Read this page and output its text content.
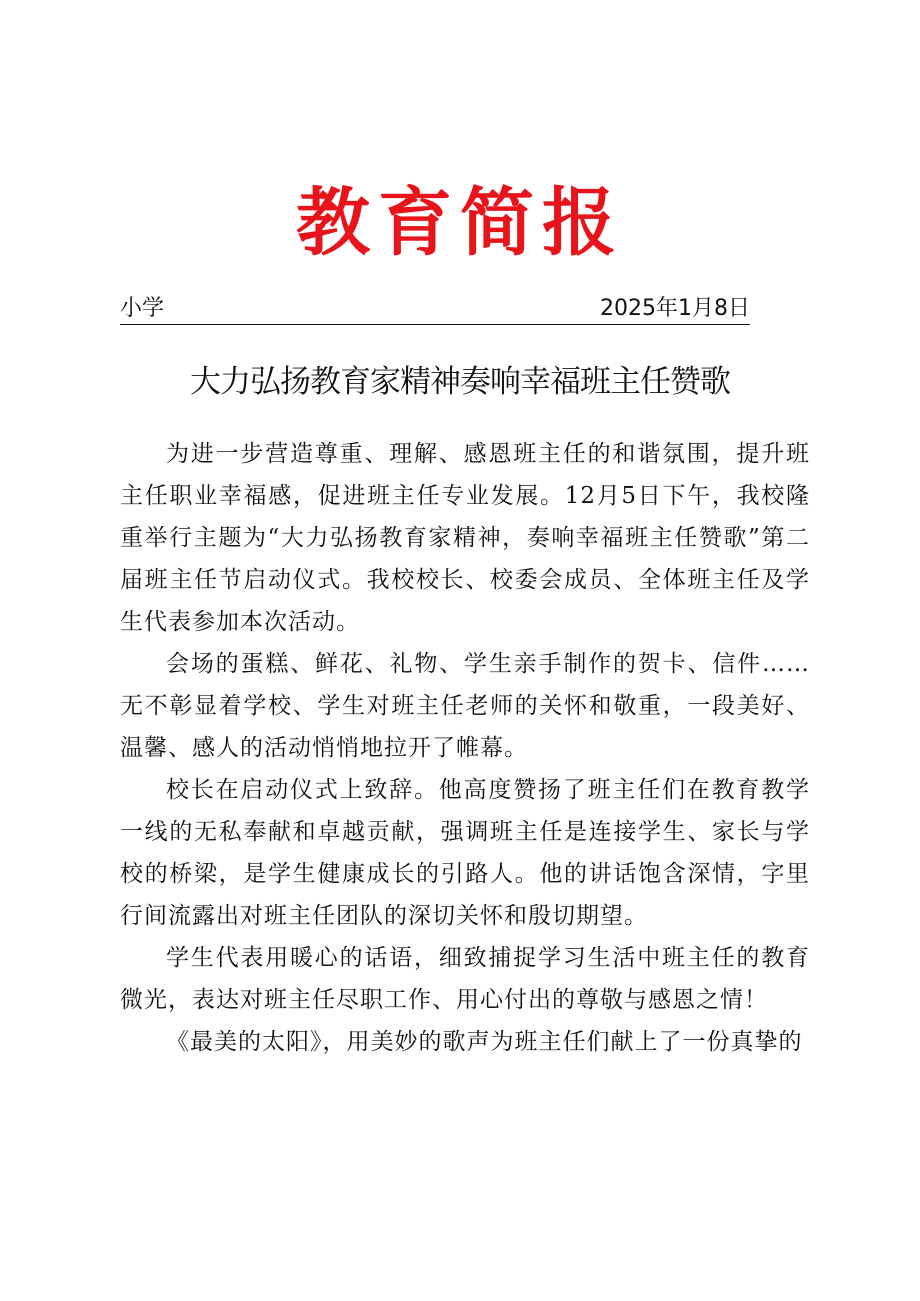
教育简报
小学	2025年1月8日
大力弘扬教育家精神奏响幸福班主任赞歌

为进一步营造尊重、理解、感恩班主任的和谐氛围，提升班主任职业幸福感，促进班主任专业发展。12月5日下午，我校隆重举行主题为“大力弘扬教育家精神，奏响幸福班主任赞歌”第二届班主任节启动仪式。我校校长、校委会成员、全体班主任及学生代表参加本次活动。

会场的蛋糕、鲜花、礼物、学生亲手制作的贺卡、信件……无不彰显着学校、学生对班主任老师的关怀和敬重，一段美好、温馨、感人的活动悄悄地拉开了帷幕。

校长在启动仪式上致辞。他高度赞扬了班主任们在教育教学一线的无私奉献和卓越贡献，强调班主任是连接学生、家长与学校的桥梁，是学生健康成长的引路人。他的讲话饱含深情，字里行间流露出对班主任团队的深切关怀和殷切期望。

学生代表用暖心的话语，细致捕捉学习生活中班主任的教育微光，表达对班主任尽职工作、用心付出的尊敬与感恩之情！

《最美的太阳》，用美妙的歌声为班主任们献上了一份真挚的
